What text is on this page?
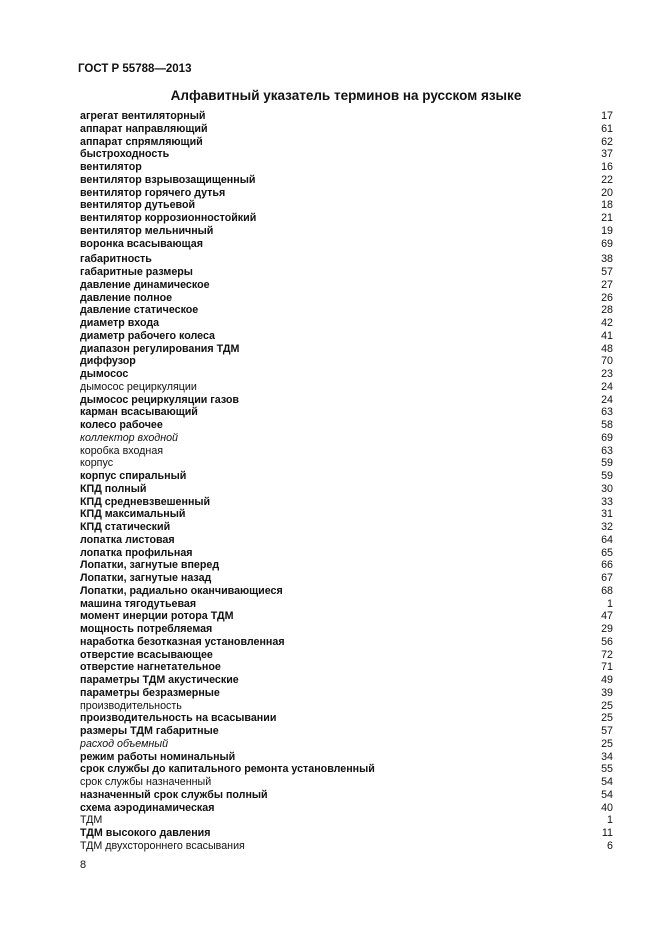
ГОСТ Р 55788—2013
Алфавитный указатель терминов на русском языке
агрегат вентиляторный	17
аппарат направляющий	61
аппарат спрямляющий	62
быстроходность	37
вентилятор	16
вентилятор взрывозащищенный	22
вентилятор горячего дутья	20
вентилятор дутьевой	18
вентилятор коррозионностойкий	21
вентилятор мельничный	19
воронка всасывающая	69
габаритность	38
габаритные размеры	57
давление динамическое	27
давление полное	26
давление статическое	28
диаметр входа	42
диаметр рабочего колеса	41
диапазон регулирования ТДМ	48
диффузор	70
дымосос	23
дымосос рециркуляции	24
дымосос рециркуляции газов	24
карман всасывающий	63
колесо рабочее	58
коллектор входной	69
коробка входная	63
корпус	59
корпус спиральный	59
КПД полный	30
КПД средневзвешенный	33
КПД максимальный	31
КПД статический	32
лопатка листовая	64
лопатка профильная	65
Лопатки, загнутые вперед	66
Лопатки, загнутые назад	67
Лопатки, радиально оканчивающиеся	68
машина тягодутьевая	1
момент инерции ротора ТДМ	47
мощность потребляемая	29
наработка безотказная установленная	56
отверстие всасывающее	72
отверстие нагнетательное	71
параметры ТДМ акустические	49
параметры безразмерные	39
производительность	25
производительность на всасывании	25
размеры ТДМ габаритные	57
расход объемный	25
режим работы номинальный	34
срок службы до капитального ремонта установленный	55
срок службы назначенный	54
назначенный срок службы полный	54
схема аэродинамическая	40
ТДМ	1
ТДМ высокого давления	11
ТДМ двухстороннего всасывания	6
8
